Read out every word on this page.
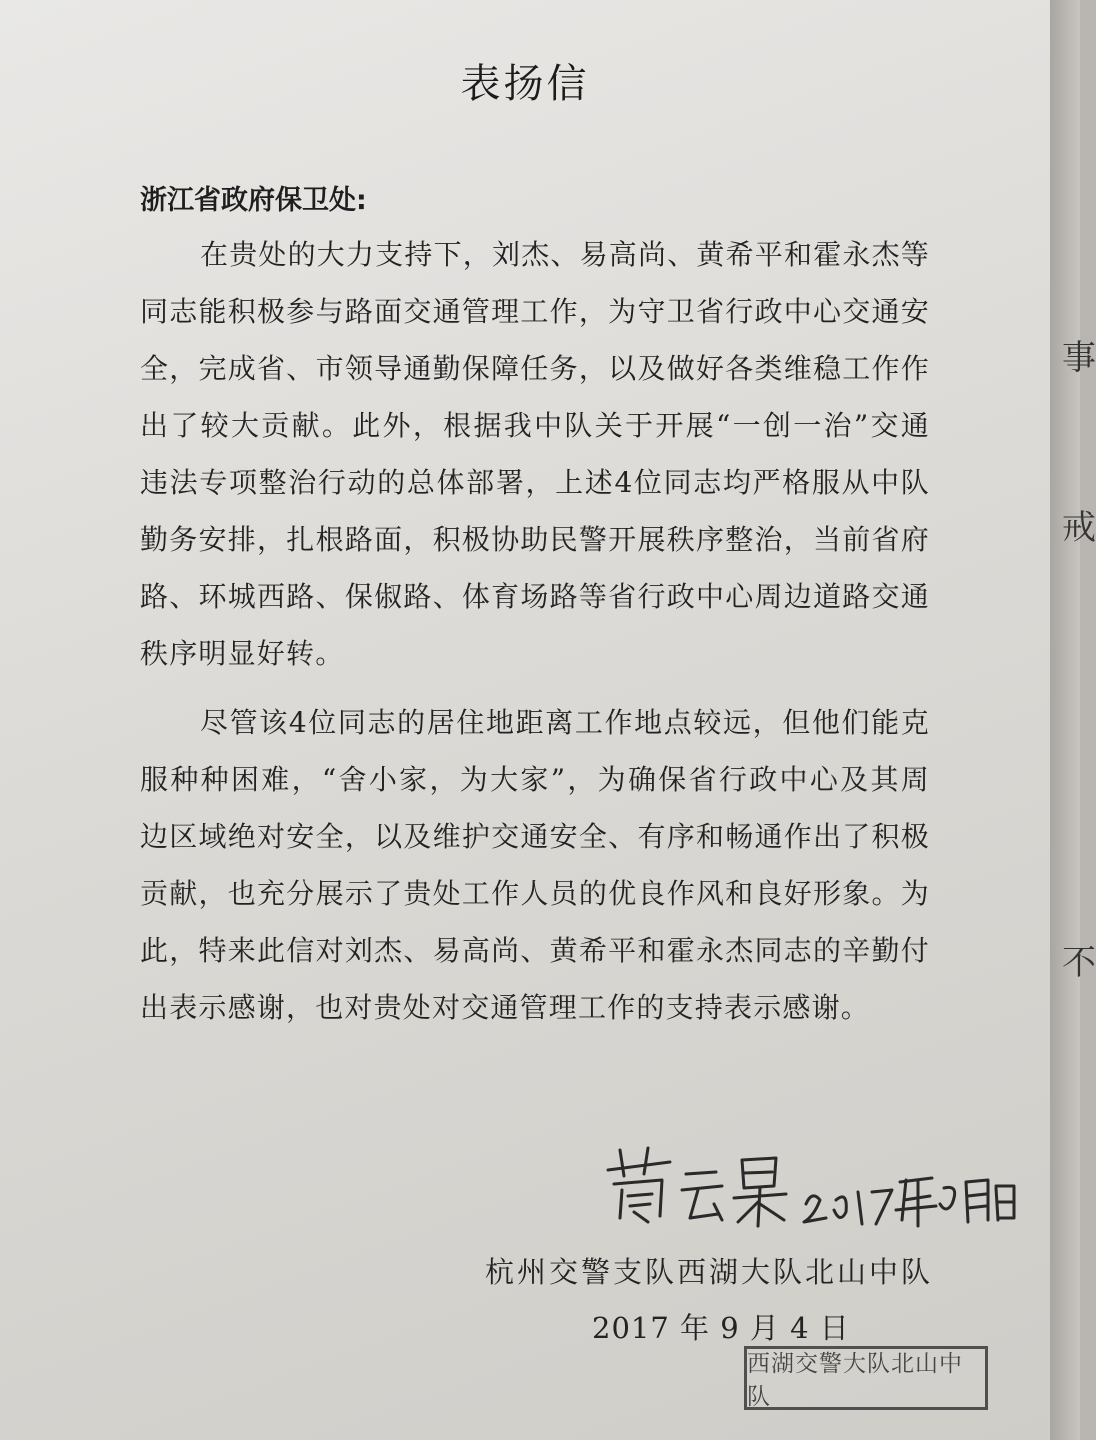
表扬信

浙江省政府保卫处:

在贵处的大力支持下，刘杰、易高尚、黄希平和霍永杰等同志能积极参与路面交通管理工作，为守卫省行政中心交通安全，完成省、市领导通勤保障任务，以及做好各类维稳工作作出了较大贡献。此外，根据我中队关于开展“一创一治”交通违法专项整治行动的总体部署，上述4位同志均严格服从中队勤务安排，扎根路面，积极协助民警开展秩序整治，当前省府路、环城西路、保俶路、体育场路等省行政中心周边道路交通秩序明显好转。

尽管该4位同志的居住地距离工作地点较远，但他们能克服种种困难，“舍小家，为大家”，为确保省行政中心及其周边区域绝对安全，以及维护交通安全、有序和畅通作出了积极贡献，也充分展示了贵处工作人员的优良作风和良好形象。为此，特来此信对刘杰、易高尚、黄希平和霍永杰同志的辛勤付出表示感谢，也对贵处对交通管理工作的支持表示感谢。

杭州交警支队西湖大队北山中队

2017 年 9 月 4 日

西湖交警大队北山中队
事
戒
不
